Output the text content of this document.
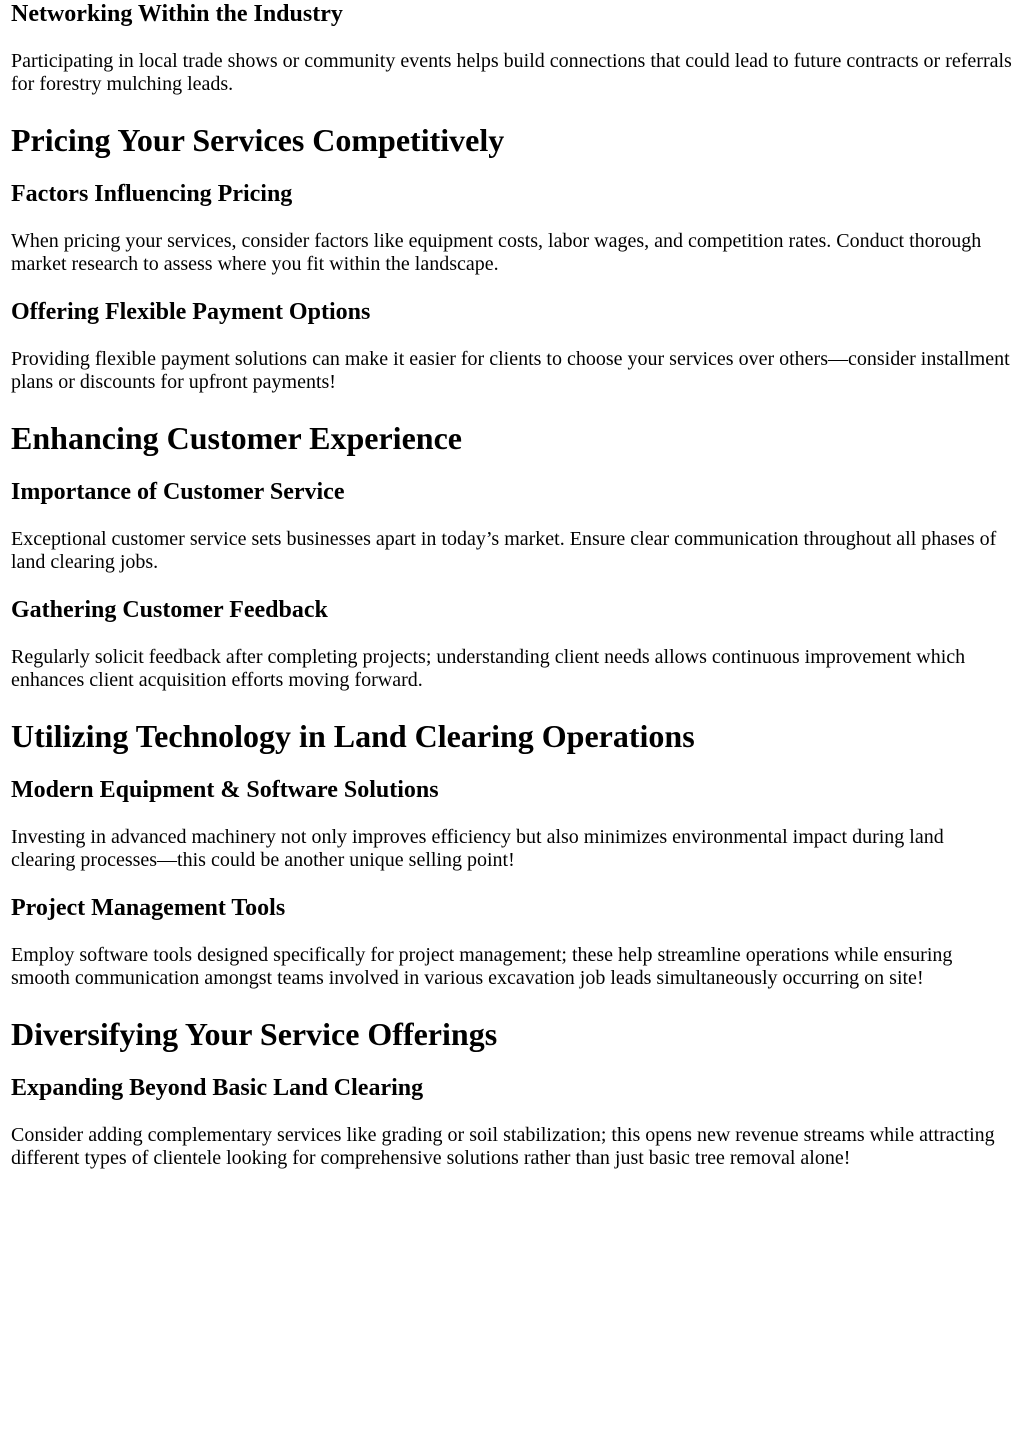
Networking Within the Industry

Participating in local trade shows or community events helps build connections that could lead to future contracts or referrals for forestry mulching leads.

Pricing Your Services Competitively
Factors Influencing Pricing

When pricing your services, consider factors like equipment costs, labor wages, and competition rates. Conduct thorough market research to assess where you fit within the landscape.

Offering Flexible Payment Options

Providing flexible payment solutions can make it easier for clients to choose your services over others—consider installment plans or discounts for upfront payments!

Enhancing Customer Experience
Importance of Customer Service

Exceptional customer service sets businesses apart in today’s market. Ensure clear communication throughout all phases of land clearing jobs.

Gathering Customer Feedback

Regularly solicit feedback after completing projects; understanding client needs allows continuous improvement which enhances client acquisition efforts moving forward.

Utilizing Technology in Land Clearing Operations
Modern Equipment & Software Solutions

Investing in advanced machinery not only improves efficiency but also minimizes environmental impact during land clearing processes—this could be another unique selling point!

Project Management Tools

Employ software tools designed specifically for project management; these help streamline operations while ensuring smooth communication amongst teams involved in various excavation job leads simultaneously occurring on site!

Diversifying Your Service Offerings
Expanding Beyond Basic Land Clearing

Consider adding complementary services like grading or soil stabilization; this opens new revenue streams while attracting different types of clientele looking for comprehensive solutions rather than just basic tree removal alone!
